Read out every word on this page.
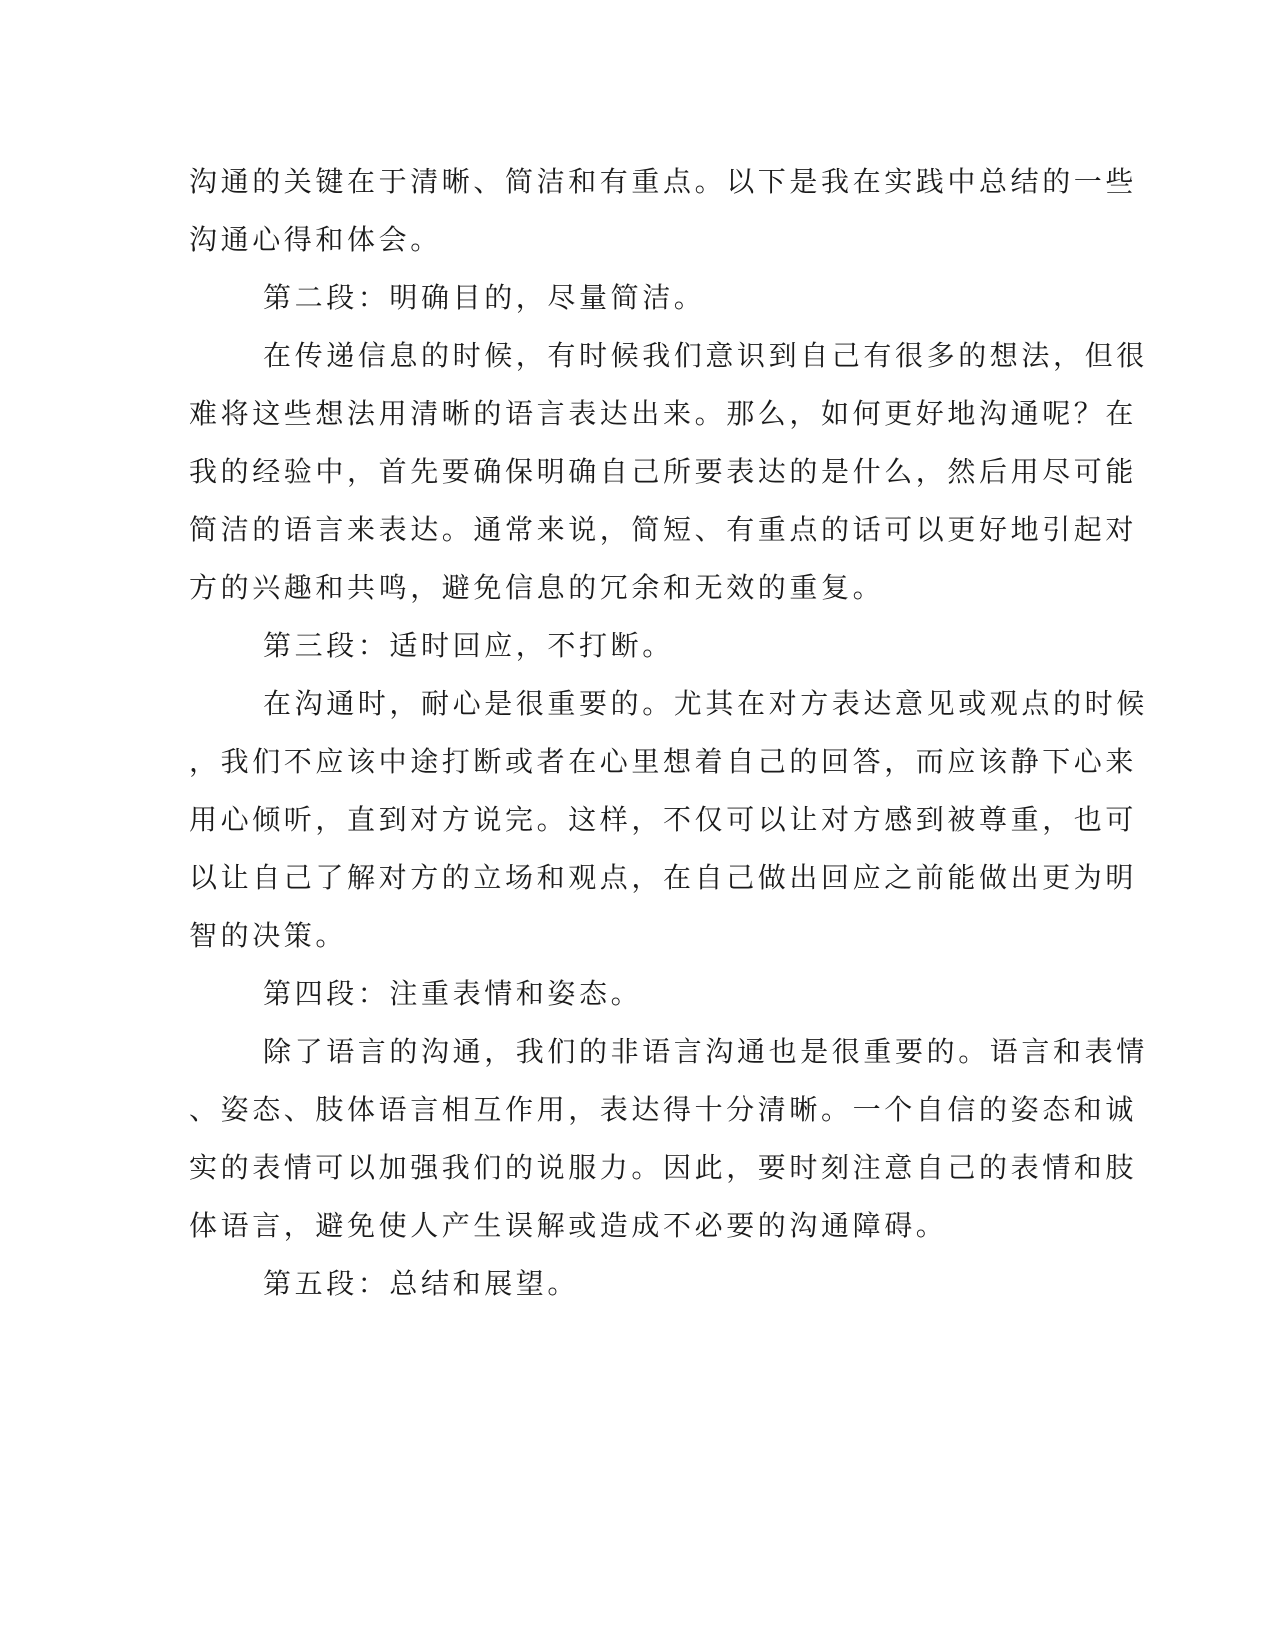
沟通的关键在于清晰、简洁和有重点。以下是我在实践中总结的一些

沟通心得和体会。

第二段：明确目的，尽量简洁。

在传递信息的时候，有时候我们意识到自己有很多的想法，但很

难将这些想法用清晰的语言表达出来。那么，如何更好地沟通呢？在

我的经验中，首先要确保明确自己所要表达的是什么，然后用尽可能

简洁的语言来表达。通常来说，简短、有重点的话可以更好地引起对

方的兴趣和共鸣，避免信息的冗余和无效的重复。

第三段：适时回应，不打断。

在沟通时，耐心是很重要的。尤其在对方表达意见或观点的时候

，我们不应该中途打断或者在心里想着自己的回答，而应该静下心来

用心倾听，直到对方说完。这样，不仅可以让对方感到被尊重，也可

以让自己了解对方的立场和观点，在自己做出回应之前能做出更为明

智的决策。

第四段：注重表情和姿态。

除了语言的沟通，我们的非语言沟通也是很重要的。语言和表情

、姿态、肢体语言相互作用，表达得十分清晰。一个自信的姿态和诚

实的表情可以加强我们的说服力。因此，要时刻注意自己的表情和肢

体语言，避免使人产生误解或造成不必要的沟通障碍。

第五段：总结和展望。
